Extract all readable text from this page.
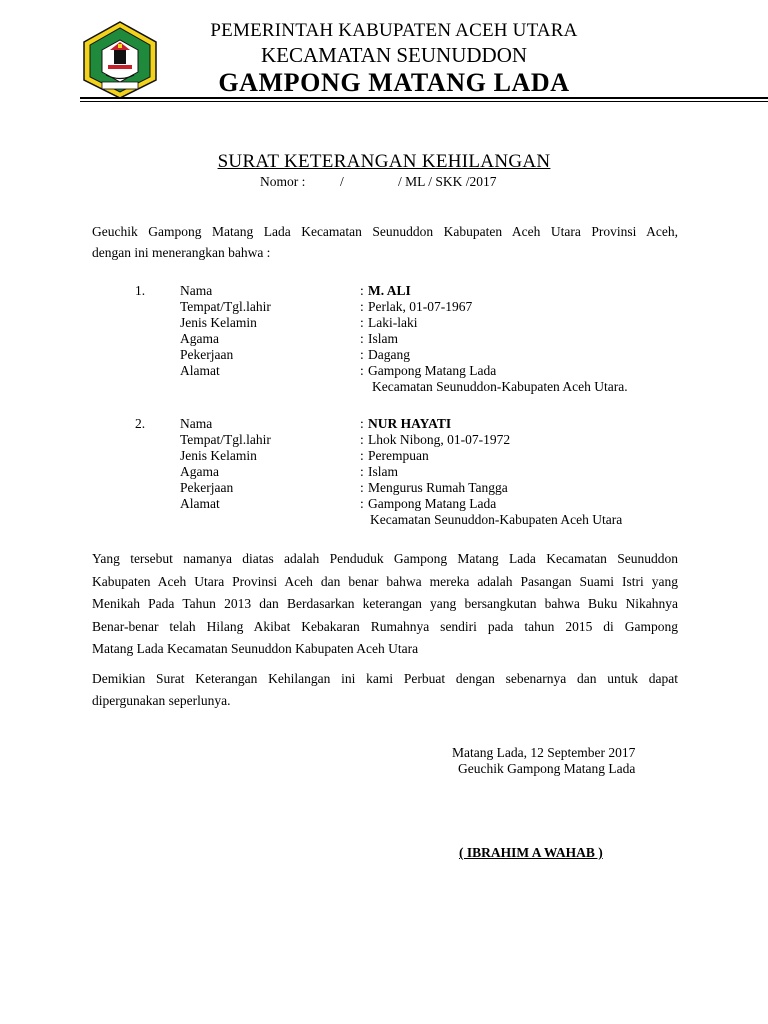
PEMERINTAH KABUPATEN ACEH UTARA

KECAMATAN SEUNUDDON

GAMPONG MATANG LADA

SURAT KETERANGAN KEHILANGAN

Nomor :	/	/ ML / SKK /2017
Geuchik Gampong Matang Lada Kecamatan Seunuddon Kabupaten Aceh Utara Provinsi Aceh,
dengan ini menerangkan bahwa :
1.	Nama	: M. ALI
Tempat/Tgl.lahir	: Perlak, 01-07-1967
Jenis Kelamin	: Laki-laki
Agama	: Islam
Pekerjaan	: Dagang
Alamat	: Gampong Matang Lada
Kecamatan Seunuddon-Kabupaten Aceh Utara.
2.	Nama	: NUR HAYATI
Tempat/Tgl.lahir	: Lhok Nibong, 01-07-1972
Jenis Kelamin	: Perempuan
Agama	: Islam
Pekerjaan	: Mengurus Rumah Tangga
Alamat	: Gampong Matang Lada
Kecamatan Seunuddon-Kabupaten Aceh Utara
Yang tersebut namanya diatas adalah Penduduk Gampong Matang Lada Kecamatan Seunuddon
Kabupaten Aceh Utara Provinsi Aceh dan benar bahwa mereka adalah Pasangan Suami Istri yang
Menikah Pada Tahun 2013 dan Berdasarkan keterangan yang bersangkutan bahwa Buku Nikahnya
Benar-benar telah Hilang Akibat Kebakaran Rumahnya sendiri pada tahun 2015 di Gampong
Matang Lada Kecamatan Seunuddon Kabupaten Aceh Utara
Demikian Surat Keterangan Kehilangan ini kami Perbuat dengan sebenarnya dan untuk dapat
dipergunakan seperlunya.
Matang Lada, 12 September 2017
Geuchik Gampong Matang Lada
( IBRAHIM A WAHAB )
